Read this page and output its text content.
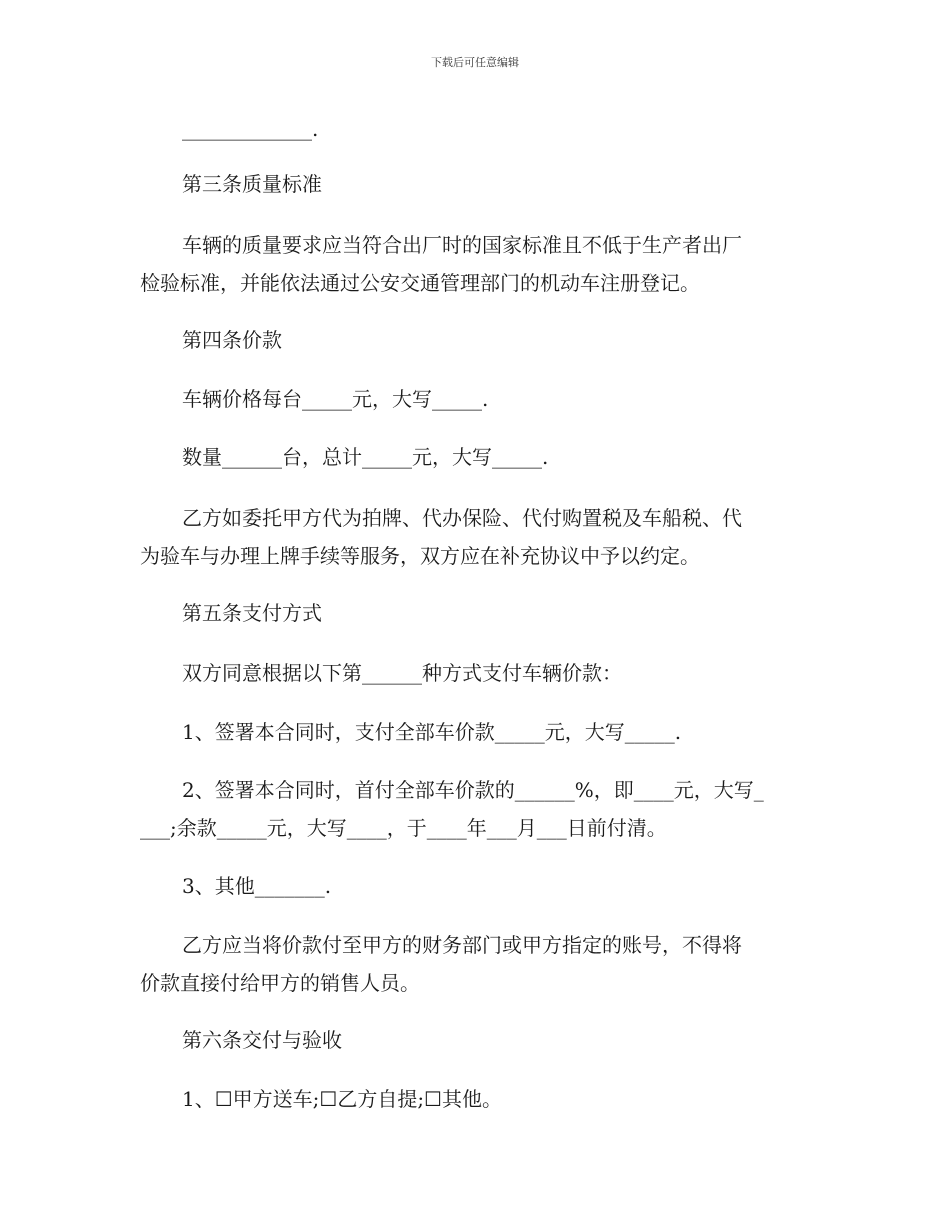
下载后可任意编辑
_____________.
第三条质量标准
车辆的质量要求应当符合出厂时的国家标准且不低于生产者出厂
检验标准，并能依法通过公安交通管理部门的机动车注册登记。
第四条价款
车辆价格每台_____元，大写_____.
数量______台，总计_____元，大写_____.
乙方如委托甲方代为拍牌、代办保险、代付购置税及车船税、代
为验车与办理上牌手续等服务，双方应在补充协议中予以约定。
第五条支付方式
双方同意根据以下第______种方式支付车辆价款：
1、签署本合同时，支付全部车价款_____元，大写_____.
2、签署本合同时，首付全部车价款的______%，即____元，大写_
___;余款_____元，大写____，于____年___月___日前付清。
3、其他_______.
乙方应当将价款付至甲方的财务部门或甲方指定的账号，不得将
价款直接付给甲方的销售人员。
第六条交付与验收
1、☐甲方送车;☐乙方自提;☐其他。
